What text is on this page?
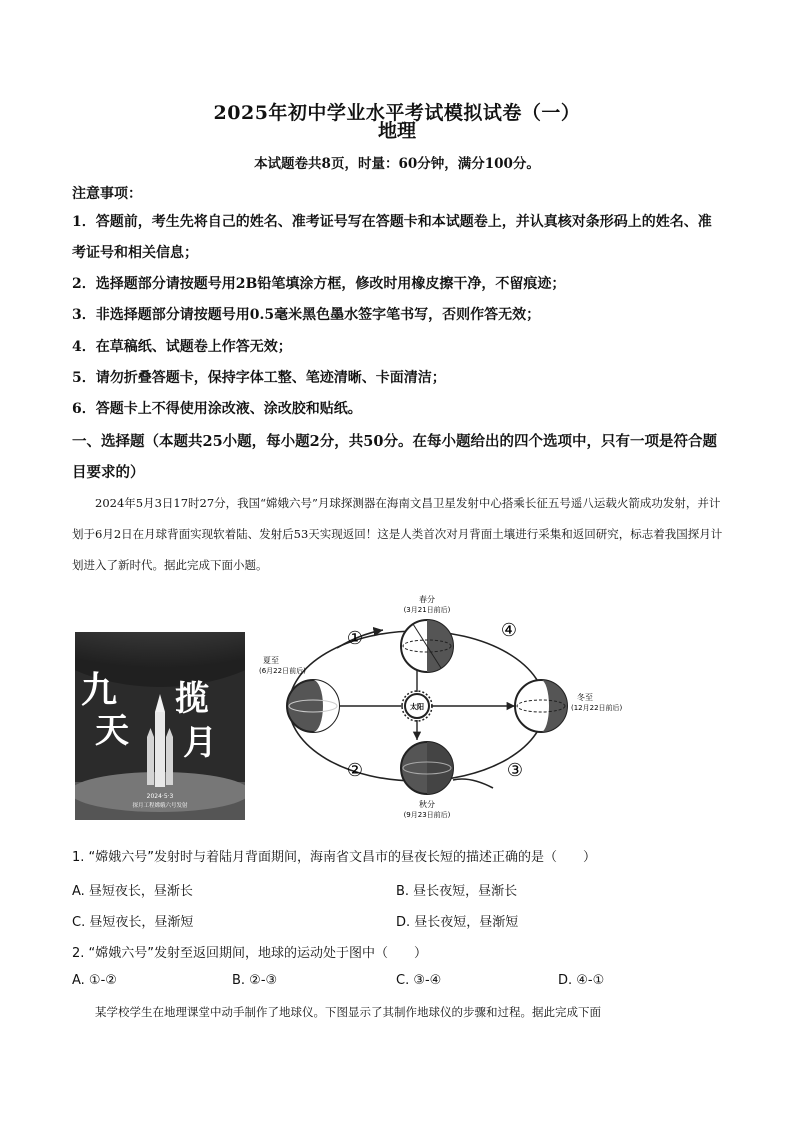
2025年初中学业水平考试模拟试卷（一）
地理
本试题卷共8页，时量：60分钟，满分100分。
注意事项：
1．答题前，考生先将自己的姓名、准考证号写在答题卡和本试题卷上，并认真核对条形码上的姓名、准考证号和相关信息；
2．选择题部分请按题号用2B铅笔填涂方框，修改时用橡皮擦干净，不留痕迹；
3．非选择题部分请按题号用0.5毫米黑色墨水签字笔书写，否则作答无效；
4．在草稿纸、试题卷上作答无效；
5．请勿折叠答题卡，保持字体工整、笔迹清晰、卡面清洁；
6．答题卡上不得使用涂改液、涂改胶和贴纸。
一、选择题（本题共25小题，每小题2分，共50分。在每小题给出的四个选项中，只有一项是符合题目要求的）
2024年5月3日17时27分，我国“嫦娥六号”月球探测器在海南文昌卫星发射中心搭乘长征五号遥八运载火箭成功发射，并计划于6月2日在月球背面实现软着陆、发射后53天实现返回！这是人类首次对月背面土壤进行采集和返回研究，标志着我国探月计划进入了新时代。据此完成下面小题。
九
天
揽
月
2024·5·3
探月工程嫦娥六号发射
太阳
春分
(3月21日前后)
夏至
(6月22日前后)
冬至
(12月22日前后)
秋分
(9月23日前后)
①
②	③
④
1. “嫦娥六号”发射时与着陆月背面期间，海南省文昌市的昼夜长短的描述正确的是（　　）
A. 昼短夜长，昼渐长	B. 昼长夜短，昼渐长
C. 昼短夜长，昼渐短	D. 昼长夜短，昼渐短
2. “嫦娥六号”发射至返回期间，地球的运动处于图中（　　）
A. ①-②	B. ②-③	C. ③-④	D. ④-①
某学校学生在地理课堂中动手制作了地球仪。下图显示了其制作地球仪的步骤和过程。据此完成下面
